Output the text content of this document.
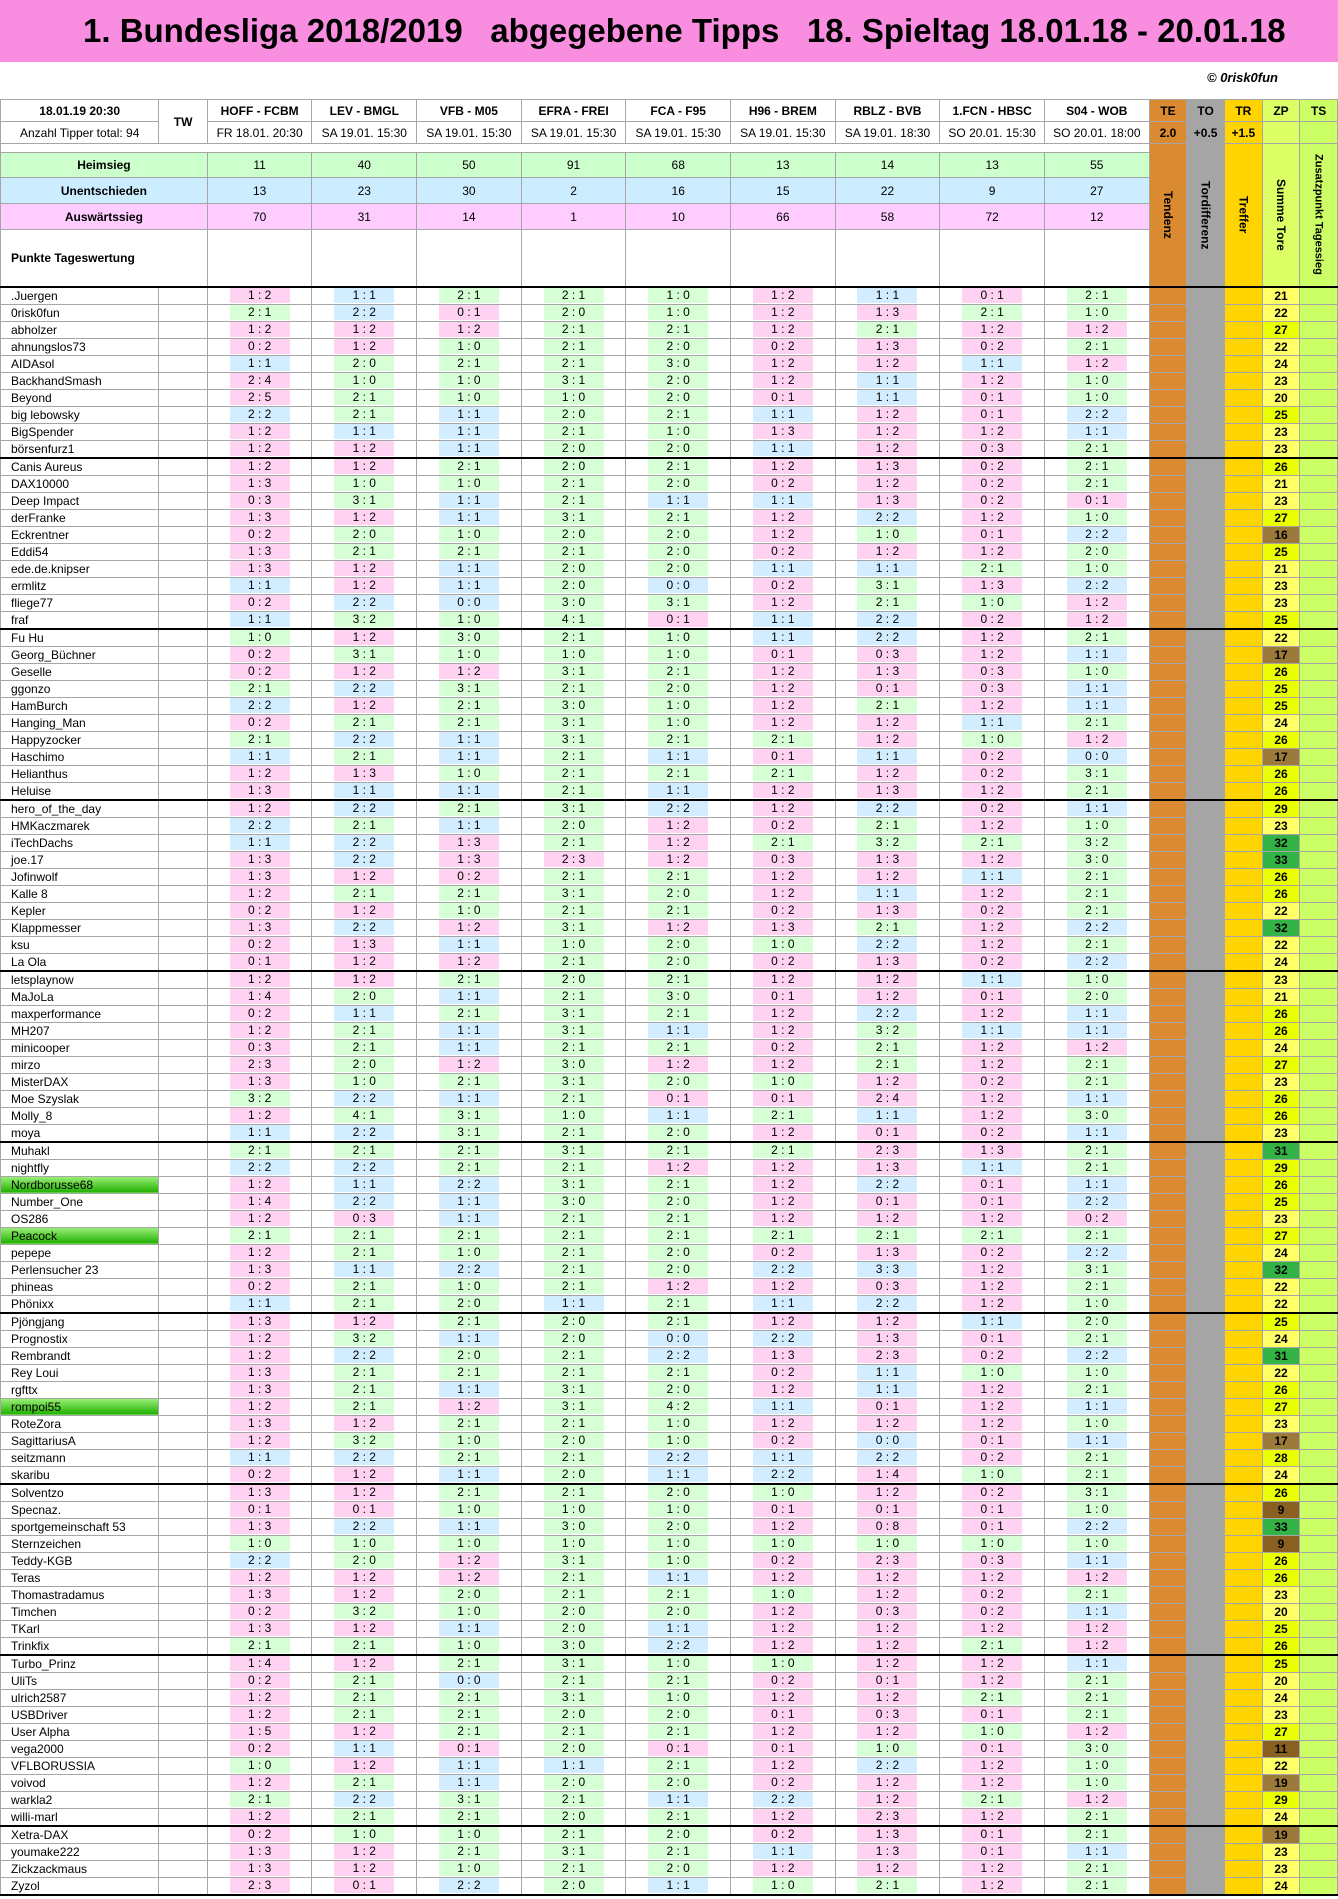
1. Bundesliga 2018/2019   abgegebene Tipps   18. Spieltag 18.01.18 - 20.01.18
© 0risk0fun
18.01.19 20:30	TW	HOFF - FCBM	LEV - BMGL	VFB - M05	EFRA - FREI	FCA - F95	H96 - BREM	RBLZ - BVB	1.FCN - HBSC	S04 - WOB	TE	TO	TR	ZP	TS
Anzahl Tipper total: 94		FR 18.01. 20:30	SA 19.01. 15:30	SA 19.01. 15:30	SA 19.01. 15:30	SA 19.01. 15:30	SA 19.01. 15:30	SA 19.01. 18:30	SO 20.01. 15:30	SO 20.01. 18:00	2.0	+0.5	+1.5		

											Tendenz	Tordifferenz	Treffer	Summe Tore	Zusatzpunkt Tagessieg

Heimsieg		11	40	50	91	68	13	14	13	55					
Unentschieden		13	23	30	2	16	15	22	9	27					
Auswärtssieg		70	31	14	1	10	66	58	72	12					
Punkte Tageswertung															
.Juergen		1 : 2	1 : 1	2 : 1	2 : 1	1 : 0	1 : 2	1 : 1	0 : 1	2 : 1				21	
0risk0fun		2 : 1	2 : 2	0 : 1	2 : 0	1 : 0	1 : 2	1 : 3	2 : 1	1 : 0				22	
abholzer		1 : 2	1 : 2	1 : 2	2 : 1	2 : 1	1 : 2	2 : 1	1 : 2	1 : 2				27	
ahnungslos73		0 : 2	1 : 2	1 : 0	2 : 1	2 : 0	0 : 2	1 : 3	0 : 2	2 : 1				22	
AIDAsol		1 : 1	2 : 0	2 : 1	2 : 1	3 : 0	1 : 2	1 : 2	1 : 1	1 : 2				24	
BackhandSmash		2 : 4	1 : 0	1 : 0	3 : 1	2 : 0	1 : 2	1 : 1	1 : 2	1 : 0				23	
Beyond		2 : 5	2 : 1	1 : 0	1 : 0	2 : 0	0 : 1	1 : 1	0 : 1	1 : 0				20	
big lebowsky		2 : 2	2 : 1	1 : 1	2 : 0	2 : 1	1 : 1	1 : 2	0 : 1	2 : 2				25	
BigSpender		1 : 2	1 : 1	1 : 1	2 : 1	1 : 0	1 : 3	1 : 2	1 : 2	1 : 1				23	
börsenfurz1		1 : 2	1 : 2	1 : 1	2 : 0	2 : 0	1 : 1	1 : 2	0 : 3	2 : 1				23	
Canis Aureus		1 : 2	1 : 2	2 : 1	2 : 0	2 : 1	1 : 2	1 : 3	0 : 2	2 : 1				26	
DAX10000		1 : 3	1 : 0	1 : 0	2 : 1	2 : 0	0 : 2	1 : 2	0 : 2	2 : 1				21	
Deep Impact		0 : 3	3 : 1	1 : 1	2 : 1	1 : 1	1 : 1	1 : 3	0 : 2	0 : 1				23	
derFranke		1 : 3	1 : 2	1 : 1	3 : 1	2 : 1	1 : 2	2 : 2	1 : 2	1 : 0				27	
Eckrentner		0 : 2	2 : 0	1 : 0	2 : 0	2 : 0	1 : 2	1 : 0	0 : 1	2 : 2				16	
Eddi54		1 : 3	2 : 1	2 : 1	2 : 1	2 : 0	0 : 2	1 : 2	1 : 2	2 : 0				25	
ede.de.knipser		1 : 3	1 : 2	1 : 1	2 : 0	2 : 0	1 : 1	1 : 1	2 : 1	1 : 0				21	
ermlitz		1 : 1	1 : 2	1 : 1	2 : 0	0 : 0	0 : 2	3 : 1	1 : 3	2 : 2				23	
fliege77		0 : 2	2 : 2	0 : 0	3 : 0	3 : 1	1 : 2	2 : 1	1 : 0	1 : 2				23	
fraf		1 : 1	3 : 2	1 : 0	4 : 1	0 : 1	1 : 1	2 : 2	0 : 2	1 : 2				25	
Fu Hu		1 : 0	1 : 2	3 : 0	2 : 1	1 : 0	1 : 1	2 : 2	1 : 2	2 : 1				22	
Georg_Büchner		0 : 2	3 : 1	1 : 0	1 : 0	1 : 0	0 : 1	0 : 3	1 : 2	1 : 1				17	
Geselle		0 : 2	1 : 2	1 : 2	3 : 1	2 : 1	1 : 2	1 : 3	0 : 3	1 : 0				26	
ggonzo		2 : 1	2 : 2	3 : 1	2 : 1	2 : 0	1 : 2	0 : 1	0 : 3	1 : 1				25	
HamBurch		2 : 2	1 : 2	2 : 1	3 : 0	1 : 0	1 : 2	2 : 1	1 : 2	1 : 1				25	
Hanging_Man		0 : 2	2 : 1	2 : 1	3 : 1	1 : 0	1 : 2	1 : 2	1 : 1	2 : 1				24	
Happyzocker		2 : 1	2 : 2	1 : 1	3 : 1	2 : 1	2 : 1	1 : 2	1 : 0	1 : 2				26	
Haschimo		1 : 1	2 : 1	1 : 1	2 : 1	1 : 1	0 : 1	1 : 1	0 : 2	0 : 0				17	
Helianthus		1 : 2	1 : 3	1 : 0	2 : 1	2 : 1	2 : 1	1 : 2	0 : 2	3 : 1				26	
Heluise		1 : 3	1 : 1	1 : 1	2 : 1	1 : 1	1 : 2	1 : 3	1 : 2	2 : 1				26	
hero_of_the_day		1 : 2	2 : 2	2 : 1	3 : 1	2 : 2	1 : 2	2 : 2	0 : 2	1 : 1				29	
HMKaczmarek		2 : 2	2 : 1	1 : 1	2 : 0	1 : 2	0 : 2	2 : 1	1 : 2	1 : 0				23	
iTechDachs		1 : 1	2 : 2	1 : 3	2 : 1	1 : 2	2 : 1	3 : 2	2 : 1	3 : 2				32	
joe.17		1 : 3	2 : 2	1 : 3	2 : 3	1 : 2	0 : 3	1 : 3	1 : 2	3 : 0				33	
Jofinwolf		1 : 3	1 : 2	0 : 2	2 : 1	2 : 1	1 : 2	1 : 2	1 : 1	2 : 1				26	
Kalle 8		1 : 2	2 : 1	2 : 1	3 : 1	2 : 0	1 : 2	1 : 1	1 : 2	2 : 1				26	
Kepler		0 : 2	1 : 2	1 : 0	2 : 1	2 : 1	0 : 2	1 : 3	0 : 2	2 : 1				22	
Klappmesser		1 : 3	2 : 2	1 : 2	3 : 1	1 : 2	1 : 3	2 : 1	1 : 2	2 : 2				32	
ksu		0 : 2	1 : 3	1 : 1	1 : 0	2 : 0	1 : 0	2 : 2	1 : 2	2 : 1				22	
La Ola		0 : 1	1 : 2	1 : 2	2 : 1	2 : 0	0 : 2	1 : 3	0 : 2	2 : 2				24	
letsplaynow		1 : 2	1 : 2	2 : 1	2 : 0	2 : 1	1 : 2	1 : 2	1 : 1	1 : 0				23	
MaJoLa		1 : 4	2 : 0	1 : 1	2 : 1	3 : 0	0 : 1	1 : 2	0 : 1	2 : 0				21	
maxperformance		0 : 2	1 : 1	2 : 1	3 : 1	2 : 1	1 : 2	2 : 2	1 : 2	1 : 1				26	
MH207		1 : 2	2 : 1	1 : 1	3 : 1	1 : 1	1 : 2	3 : 2	1 : 1	1 : 1				26	
minicooper		0 : 3	2 : 1	1 : 1	2 : 1	2 : 1	0 : 2	2 : 1	1 : 2	1 : 2				24	
mirzo		2 : 3	2 : 0	1 : 2	3 : 0	1 : 2	1 : 2	2 : 1	1 : 2	2 : 1				27	
MisterDAX		1 : 3	1 : 0	2 : 1	3 : 1	2 : 0	1 : 0	1 : 2	0 : 2	2 : 1				23	
Moe Szyslak		3 : 2	2 : 2	1 : 1	2 : 1	0 : 1	0 : 1	2 : 4	1 : 2	1 : 1				26	
Molly_8		1 : 2	4 : 1	3 : 1	1 : 0	1 : 1	2 : 1	1 : 1	1 : 2	3 : 0				26	
moya		1 : 1	2 : 2	3 : 1	2 : 1	2 : 0	1 : 2	0 : 1	0 : 2	1 : 1				23	
Muhakl		2 : 1	2 : 1	2 : 1	3 : 1	2 : 1	2 : 1	2 : 3	1 : 3	2 : 1				31	
nightfly		2 : 2	2 : 2	2 : 1	2 : 1	1 : 2	1 : 2	1 : 3	1 : 1	2 : 1				29	
Nordborusse68		1 : 2	1 : 1	2 : 2	3 : 1	2 : 1	1 : 2	2 : 2	0 : 1	1 : 1				26	
Number_One		1 : 4	2 : 2	1 : 1	3 : 0	2 : 0	1 : 2	0 : 1	0 : 1	2 : 2				25	
OS286		1 : 2	0 : 3	1 : 1	2 : 1	2 : 1	1 : 2	1 : 2	1 : 2	0 : 2				23	
Peacock		2 : 1	2 : 1	2 : 1	2 : 1	2 : 1	2 : 1	2 : 1	2 : 1	2 : 1				27	
pepepe		1 : 2	2 : 1	1 : 0	2 : 1	2 : 0	0 : 2	1 : 3	0 : 2	2 : 2				24	
Perlensucher 23		1 : 3	1 : 1	2 : 2	2 : 1	2 : 0	2 : 2	3 : 3	1 : 2	3 : 1				32	
phineas		0 : 2	2 : 1	1 : 0	2 : 1	1 : 2	1 : 2	0 : 3	1 : 2	2 : 1				22	
Phönixx		1 : 1	2 : 1	2 : 0	1 : 1	2 : 1	1 : 1	2 : 2	1 : 2	1 : 0				22	
Pjöngjang		1 : 3	1 : 2	2 : 1	2 : 0	2 : 1	1 : 2	1 : 2	1 : 1	2 : 0				25	
Prognostix		1 : 2	3 : 2	1 : 1	2 : 0	0 : 0	2 : 2	1 : 3	0 : 1	2 : 1				24	
Rembrandt		1 : 2	2 : 2	2 : 0	2 : 1	2 : 2	1 : 3	2 : 3	0 : 2	2 : 2				31	
Rey Loui		1 : 3	2 : 1	2 : 1	2 : 1	2 : 1	0 : 2	1 : 1	1 : 0	1 : 0				22	
rgfttx		1 : 3	2 : 1	1 : 1	3 : 1	2 : 0	1 : 2	1 : 1	1 : 2	2 : 1				26	
rompoi55		1 : 2	2 : 1	1 : 2	3 : 1	4 : 2	1 : 1	0 : 1	1 : 2	1 : 1				27	
RoteZora		1 : 3	1 : 2	2 : 1	2 : 1	1 : 0	1 : 2	1 : 2	1 : 2	1 : 0				23	
SagittariusA		1 : 2	3 : 2	1 : 0	2 : 0	1 : 0	0 : 2	0 : 0	0 : 1	1 : 1				17	
seitzmann		1 : 1	2 : 2	2 : 1	2 : 1	2 : 2	1 : 1	2 : 2	0 : 2	2 : 1				28	
skaribu		0 : 2	1 : 2	1 : 1	2 : 0	1 : 1	2 : 2	1 : 4	1 : 0	2 : 1				24	
Solventzo		1 : 3	1 : 2	2 : 1	2 : 1	2 : 0	1 : 0	1 : 2	0 : 2	3 : 1				26	
Specnaz.		0 : 1	0 : 1	1 : 0	1 : 0	1 : 0	0 : 1	0 : 1	0 : 1	1 : 0				9	
sportgemeinschaft 53		1 : 3	2 : 2	1 : 1	3 : 0	2 : 0	1 : 2	0 : 8	0 : 1	2 : 2				33	
Sternzeichen		1 : 0	1 : 0	1 : 0	1 : 0	1 : 0	1 : 0	1 : 0	1 : 0	1 : 0				9	
Teddy-KGB		2 : 2	2 : 0	1 : 2	3 : 1	1 : 0	0 : 2	2 : 3	0 : 3	1 : 1				26	
Teras		1 : 2	1 : 2	1 : 2	2 : 1	1 : 1	1 : 2	1 : 2	1 : 2	1 : 2				26	
Thomastradamus		1 : 3	1 : 2	2 : 0	2 : 1	2 : 1	1 : 0	1 : 2	0 : 2	2 : 1				23	
Timchen		0 : 2	3 : 2	1 : 0	2 : 0	2 : 0	1 : 2	0 : 3	0 : 2	1 : 1				20	
TKarl		1 : 3	1 : 2	1 : 1	2 : 0	1 : 1	1 : 2	1 : 2	1 : 2	1 : 2				25	
Trinkfix		2 : 1	2 : 1	1 : 0	3 : 0	2 : 2	1 : 2	1 : 2	2 : 1	1 : 2				26	
Turbo_Prinz		1 : 4	1 : 2	2 : 1	3 : 1	1 : 0	1 : 0	1 : 2	1 : 2	1 : 1				25	
UliTs		0 : 2	2 : 1	0 : 0	2 : 1	2 : 1	0 : 2	0 : 1	1 : 2	2 : 1				20	
ulrich2587		1 : 2	2 : 1	2 : 1	3 : 1	1 : 0	1 : 2	1 : 2	2 : 1	2 : 1				24	
USBDriver		1 : 2	2 : 1	2 : 1	2 : 0	2 : 0	0 : 1	0 : 3	0 : 1	2 : 1				23	
User Alpha		1 : 5	1 : 2	2 : 1	2 : 1	2 : 1	1 : 2	1 : 2	1 : 0	1 : 2				27	
vega2000		0 : 2	1 : 1	0 : 1	2 : 0	0 : 1	0 : 1	1 : 0	0 : 1	3 : 0				11	
VFLBORUSSIA		1 : 0	1 : 2	1 : 1	1 : 1	2 : 1	1 : 2	2 : 2	1 : 2	1 : 0				22	
voivod		1 : 2	2 : 1	1 : 1	2 : 0	2 : 0	0 : 2	1 : 2	1 : 2	1 : 0				19	
warkla2		2 : 1	2 : 2	3 : 1	2 : 1	1 : 1	2 : 2	1 : 2	2 : 1	1 : 2				29	
willi-marl		1 : 2	2 : 1	2 : 1	2 : 0	2 : 1	1 : 2	2 : 3	1 : 2	2 : 1				24	
Xetra-DAX		0 : 2	1 : 0	1 : 0	2 : 1	2 : 0	0 : 2	1 : 3	0 : 1	2 : 1				19	
youmake222		1 : 3	1 : 2	2 : 1	3 : 1	2 : 1	1 : 1	1 : 3	0 : 1	1 : 1				23	
Zickzackmaus		1 : 3	1 : 2	1 : 0	2 : 1	2 : 0	1 : 2	1 : 2	1 : 2	2 : 1				23	
Zyzol		2 : 3	0 : 1	2 : 2	2 : 0	1 : 1	1 : 0	2 : 1	1 : 2	2 : 1				24	
